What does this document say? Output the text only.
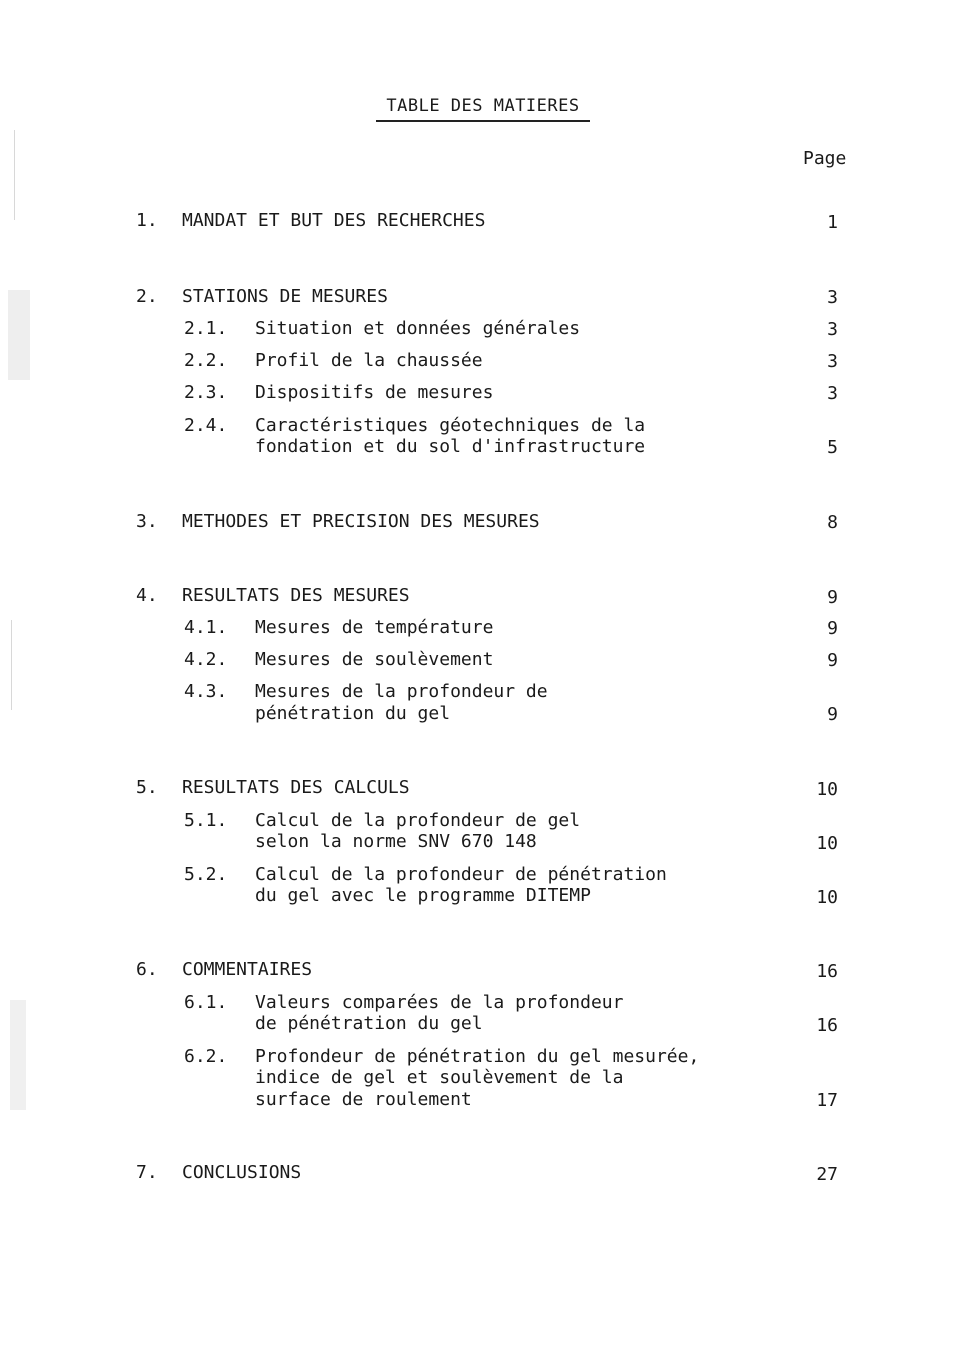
TABLE DES MATIERES
Page
1. MANDAT ET BUT DES RECHERCHES	1
2. STATIONS DE MESURES	3
2.1. Situation et données générales	3
2.2. Profil de la chaussée	3
2.3. Dispositifs de mesures	3
2.4. Caractéristiques géotechniques de la
fondation et du sol d'infrastructure	5
3. METHODES ET PRECISION DES MESURES	8
4. RESULTATS DES MESURES	9
4.1. Mesures de température	9
4.2. Mesures de soulèvement	9
4.3. Mesures de la profondeur de
pénétration du gel	9
5. RESULTATS DES CALCULS	10
5.1. Calcul de la profondeur de gel
selon la norme SNV 670 148	10
5.2. Calcul de la profondeur de pénétration
du gel avec le programme DITEMP	10
6. COMMENTAIRES	16
6.1. Valeurs comparées de la profondeur
de pénétration du gel	16
6.2. Profondeur de pénétration du gel mesurée,
indice de gel et soulèvement de la
surface de roulement	17
7. CONCLUSIONS	27
